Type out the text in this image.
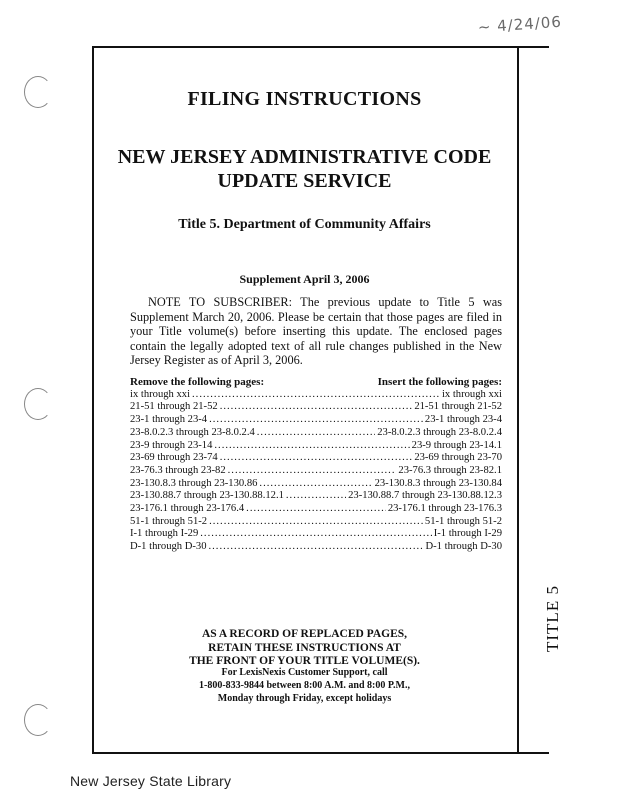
~ 4/24/06
TITLE 5
FILING INSTRUCTIONS
NEW JERSEY ADMINISTRATIVE CODE
UPDATE SERVICE
Title 5. Department of Community Affairs
Supplement April 3, 2006
NOTE TO SUBSCRIBER: The previous update to Title 5 was Supplement March 20, 2006. Please be certain that those pages are filed in your Title volume(s) before inserting this update. The enclosed pages contain the legally adopted text of all rule changes published in the New Jersey Register as of April 3, 2006.
Remove the following pages:	Insert the following pages:
ix through xxi .....	ix through xxi
21-51 through 21-52 .....	21-51 through 21-52
23-1 through 23-4 .....	23-1 through 23-4
23-8.0.2.3 through 23-8.0.2.4 .....	23-8.0.2.3 through 23-8.0.2.4
23-9 through 23-14 .....	23-9 through 23-14.1
23-69 through 23-74 .....	23-69 through 23-70
23-76.3 through 23-82 .....	23-76.3 through 23-82.1
23-130.8.3 through 23-130.86 .....	23-130.8.3 through 23-130.84
23-130.88.7 through 23-130.88.12.1 .....	23-130.88.7 through 23-130.88.12.3
23-176.1 through 23-176.4 .....	23-176.1 through 23-176.3
51-1 through 51-2 .....	51-1 through 51-2
I-1 through I-29 .....	I-1 through I-29
D-1 through D-30 .....	D-1 through D-30
AS A RECORD OF REPLACED PAGES,
RETAIN THESE INSTRUCTIONS AT
THE FRONT OF YOUR TITLE VOLUME(S).
For LexisNexis Customer Support, call
1-800-833-9844 between 8:00 A.M. and 8:00 P.M.,
Monday through Friday, except holidays
New Jersey State Library
